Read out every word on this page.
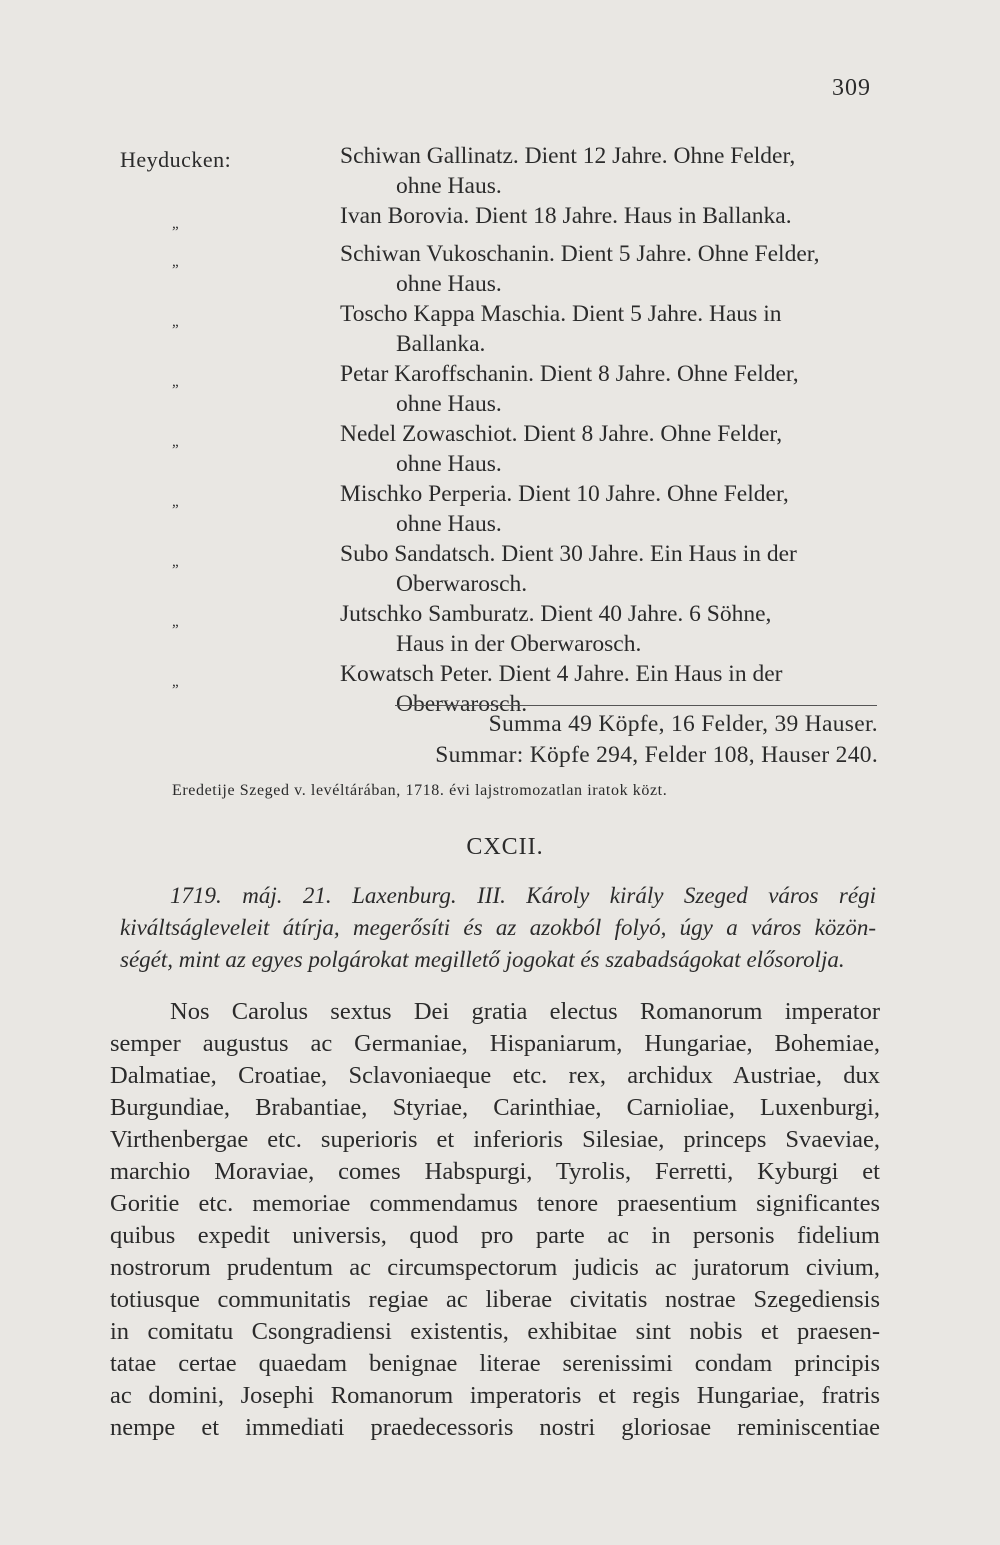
309
Heyducken:	Schiwan Gallinatz. Dient 12 Jahre. Ohne Felder,
ohne Haus.
„	Ivan Borovia. Dient 18 Jahre. Haus in Ballanka.
„	Schiwan Vukoschanin. Dient 5 Jahre. Ohne Felder,
ohne Haus.
„	Toscho Kappa Maschia. Dient 5 Jahre. Haus in
Ballanka.
„	Petar Karoffschanin. Dient 8 Jahre. Ohne Felder,
ohne Haus.
„	Nedel Zowaschiot. Dient 8 Jahre. Ohne Felder,
ohne Haus.
„	Mischko Perperia. Dient 10 Jahre. Ohne Felder,
ohne Haus.
„	Subo Sandatsch. Dient 30 Jahre. Ein Haus in der
Oberwarosch.
„	Jutschko Samburatz. Dient 40 Jahre. 6 Söhne,
Haus in der Oberwarosch.
„	Kowatsch Peter. Dient 4 Jahre. Ein Haus in der
Oberwarosch.
Summa 49 Köpfe, 16 Felder, 39 Hauser.
Summar: Köpfe 294, Felder 108, Hauser 240.
Eredetije Szeged v. levéltárában, 1718. évi lajstromozatlan iratok közt.
CXCII.
1719. máj. 21. Laxenburg. III. Károly király Szeged város régi
kiváltságleveleit átírja, megerősíti és az azokból folyó, úgy a város közön-
ségét, mint az egyes polgárokat megillető jogokat és szabadságokat elősorolja.
Nos Carolus sextus Dei gratia electus Romanorum imperator
semper augustus ac Germaniae, Hispaniarum, Hungariae, Bohemiae,
Dalmatiae, Croatiae, Sclavoniaeque etc. rex, archidux Austriae, dux
Burgundiae, Brabantiae, Styriae, Carinthiae, Carnioliae, Luxenburgi,
Virthenbergae etc. superioris et inferioris Silesiae, princeps Svaeviae,
marchio Moraviae, comes Habspurgi, Tyrolis, Ferretti, Kyburgi et
Goritie etc. memoriae commendamus tenore praesentium significantes
quibus expedit universis, quod pro parte ac in personis fidelium
nostrorum prudentum ac circumspectorum judicis ac juratorum civium,
totiusque communitatis regiae ac liberae civitatis nostrae Szegediensis
in comitatu Csongradiensi existentis, exhibitae sint nobis et praesen-
tatae certae quaedam benignae literae serenissimi condam principis
ac domini, Josephi Romanorum imperatoris et regis Hungariae, fratris
nempe et immediati praedecessoris nostri gloriosae reminiscentiae
